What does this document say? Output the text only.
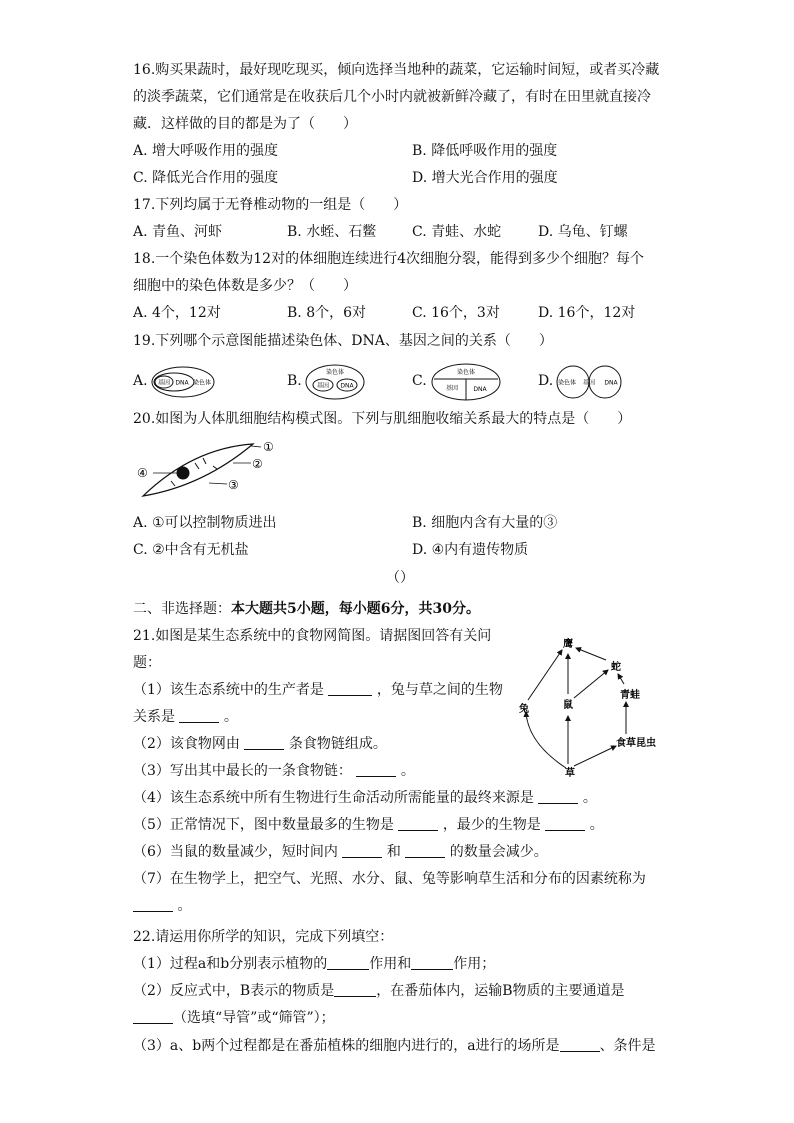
16.购买果蔬时，最好现吃现买，倾向选择当地种的蔬菜，它运输时间短，或者买冷藏
的淡季蔬菜，它们通常是在收获后几个小时内就被新鲜冷藏了，有时在田里就直接冷
藏．这样做的目的都是为了（　　）
A. 增大呼吸作用的强度	B. 降低呼吸作用的强度
C. 降低光合作用的强度	D. 增大光合作用的强度
17.下列均属于无脊椎动物的一组是（　　）
A. 青鱼、河虾	B. 水蛭、石鳖	C. 青蛙、水蛇	D. 乌龟、钉螺
18.一个染色体数为12对的体细胞连续进行4次细胞分裂，能得到多少个细胞？每个
细胞中的染色体数是多少？（　　）
A. 4个，12对	B. 8个，6对	C. 16个，3对	D. 16个，12对
19.下列哪个示意图能描述染色体、DNA、基因之间的关系（　　）
A. 基因 DNA 染色体	B.
染色体
基因 DNA	C.
染色体
基因	DNA
D. 染色体 基因 DNA
20.如图为人体肌细胞结构模式图。下列与肌细胞收缩关系最大的特点是（　　）
①
②
③
④
A. ①可以控制物质进出	B. 细胞内含有大量的③
C. ②中含有无机盐	D. ④内有遗传物质
（）
二、非选择题：本大题共5小题，每小题6分，共30分。
21.如图是某生态系统中的食物网简图。请据图回答有关问
题：
（1）该生态系统中的生产者是	，兔与草之间的生物
关系是	。
（2）该食物网由	条食物链组成。
（3）写出其中最长的一条食物链：	。
（4）该生态系统中所有生物进行生命活动所需能量的最终来源是	。
（5）正常情况下，图中数量最多的生物是	，最少的生物是	。
（6）当鼠的数量减少，短时间内	和	的数量会减少。
（7）在生物学上，把空气、光照、水分、鼠、兔等影响草生活和分布的因素统称为
。
鹰
蛇
青蛙
兔	鼠
食草昆虫
草
22.请运用你所学的知识，完成下列填空：
（1）过程a和b分别表示植物的	作用和	作用；
（2）反应式中，B表示的物质是	，在番茄体内，运输B物质的主要通道是
（选填“导管”或“筛管”）；
（3）a、b两个过程都是在番茄植株的细胞内进行的，a进行的场所是	、条件是
